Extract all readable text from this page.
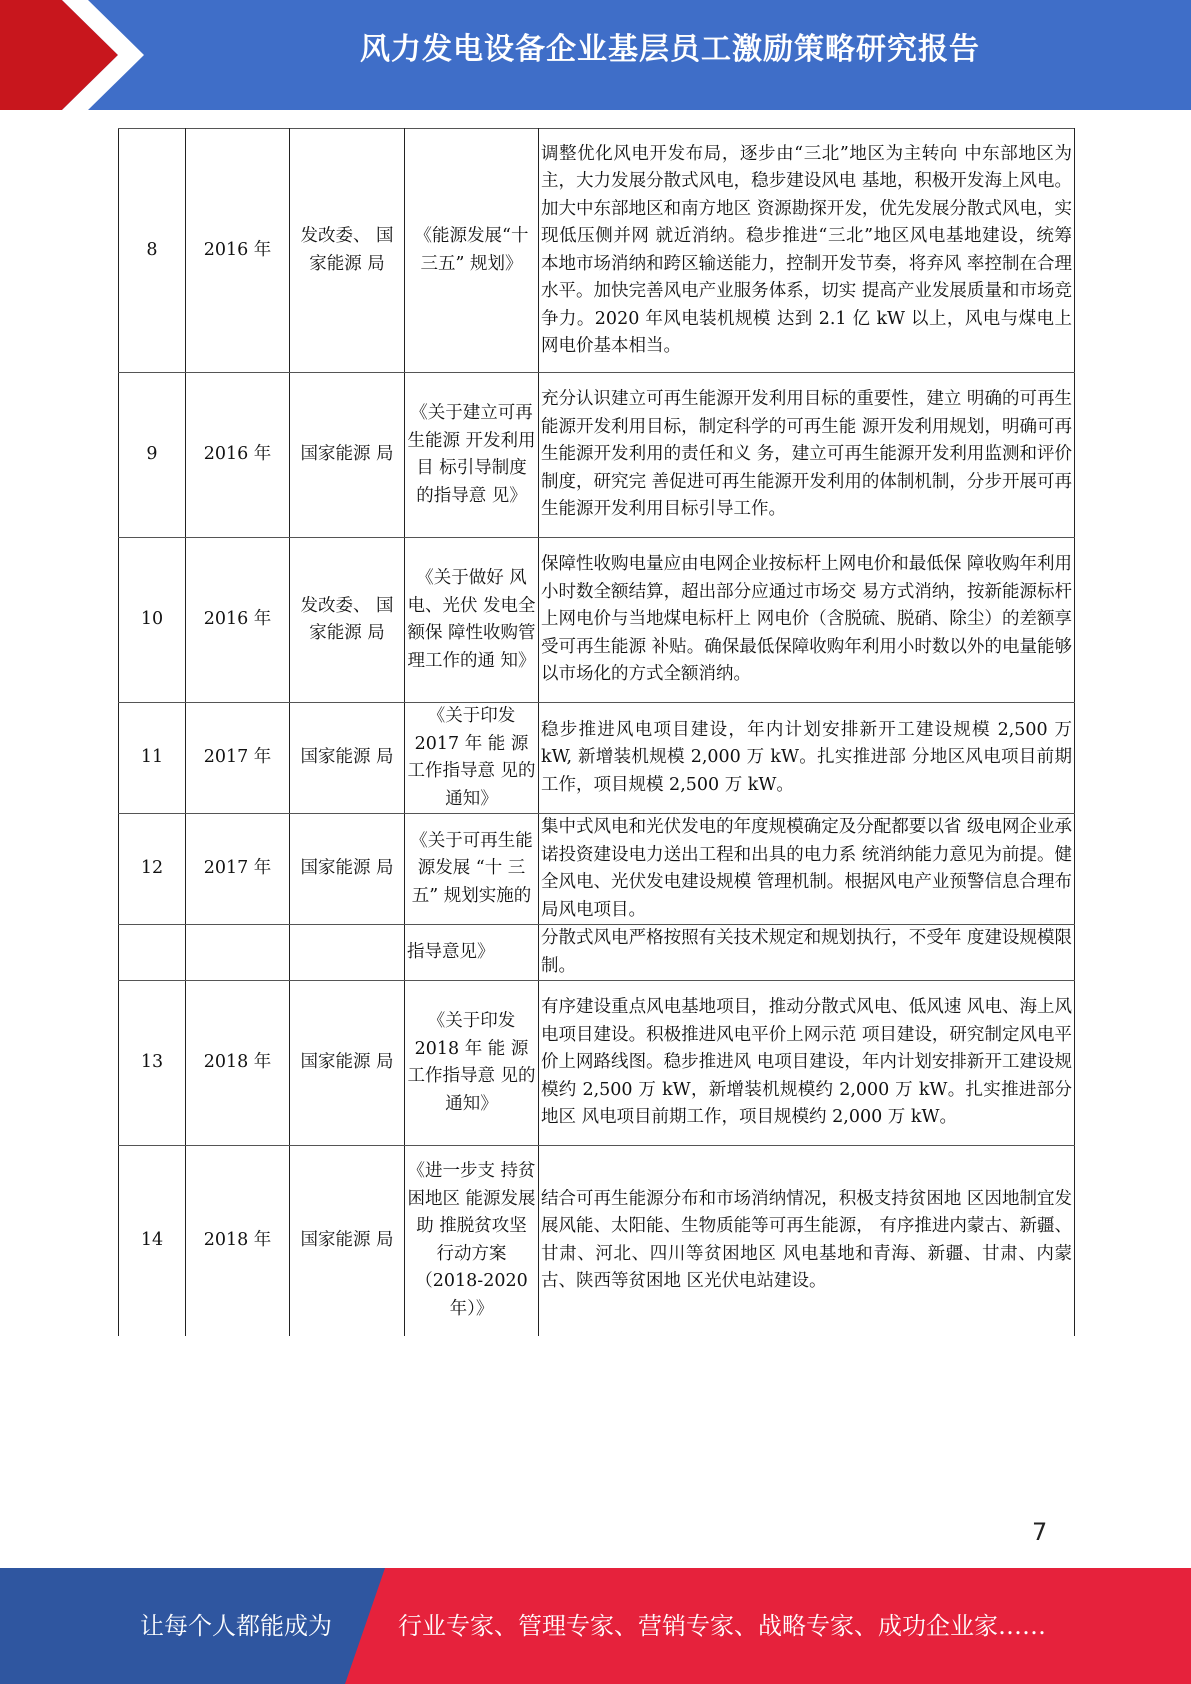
风力发电设备企业基层员工激励策略研究报告
8	2016 年	发改委、 国家能源 局	《能源发展“十三五” 规划》	调整优化风电开发布局，逐步由“三北”地区为主转向 中东部地区为主，大力发展分散式风电，稳步建设风电 基地，积极开发海上风电。加大中东部地区和南方地区 资源勘探开发，优先发展分散式风电，实现低压侧并网 就近消纳。稳步推进“三北”地区风电基地建设，统筹 本地市场消纳和跨区输送能力，控制开发节奏，将弃风 率控制在合理水平。加快完善风电产业服务体系，切实 提高产业发展质量和市场竞争力。2020 年风电装机规模 达到 2.1 亿 kW 以上，风电与煤电上网电价基本相当。
9	2016 年	国家能源 局	《关于建立可再生能源 开发利用目 标引导制度 的指导意 见》	充分认识建立可再生能源开发利用目标的重要性，建立 明确的可再生能源开发利用目标，制定科学的可再生能 源开发利用规划，明确可再生能源开发利用的责任和义 务，建立可再生能源开发利用监测和评价制度，研究完 善促进可再生能源开发利用的体制机制，分步开展可再 生能源开发利用目标引导工作。
10	2016 年	发改委、 国家能源 局	《关于做好 风电、光伏 发电全额保 障性收购管 理工作的通 知》	保障性收购电量应由电网企业按标杆上网电价和最低保 障收购年利用小时数全额结算，超出部分应通过市场交 易方式消纳，按新能源标杆上网电价与当地煤电标杆上 网电价（含脱硫、脱硝、除尘）的差额享受可再生能源 补贴。确保最低保障收购年利用小时数以外的电量能够 以市场化的方式全额消纳。
11	2017 年	国家能源 局	《关于印发 2017 年 能 源 工作指导意 见的通知》	稳步推进风电项目建设，年内计划安排新开工建设规模 2,500 万 kW, 新增装机规模 2,000 万 kW。扎实推进部 分地区风电项目前期工作，项目规模 2,500 万 kW。
12	2017 年	国家能源 局	《关于可再生能源发展 “十 三 五” 规划实施的	集中式风电和光伏发电的年度规模确定及分配都要以省 级电网企业承诺投资建设电力送出工程和出具的电力系 统消纳能力意见为前提。健全风电、光伏发电建设规模 管理机制。根据风电产业预警信息合理布局风电项目。
			指导意见》	分散式风电严格按照有关技术规定和规划执行，不受年 度建设规模限制。
13	2018 年	国家能源 局	《关于印发 2018 年 能 源 工作指导意 见的通知》	有序建设重点风电基地项目，推动分散式风电、低风速 风电、海上风电项目建设。积极推进风电平价上网示范 项目建设，研究制定风电平价上网路线图。稳步推进风 电项目建设，年内计划安排新开工建设规模约 2,500 万 kW，新增装机规模约 2,000 万 kW。扎实推进部分地区 风电项目前期工作，项目规模约 2,000 万 kW。
14	2018 年	国家能源 局	《进一步支 持贫困地区 能源发展助 推脱贫攻坚 行动方案（2018-2020 年）》	结合可再生能源分布和市场消纳情况，积极支持贫困地 区因地制宜发展风能、太阳能、生物质能等可再生能源， 有序推进内蒙古、新疆、甘肃、河北、四川等贫困地区 风电基地和青海、新疆、甘肃、内蒙古、陕西等贫困地 区光伏电站建设。
7
让每个人都能成为	行业专家、管理专家、营销专家、战略专家、成功企业家……
